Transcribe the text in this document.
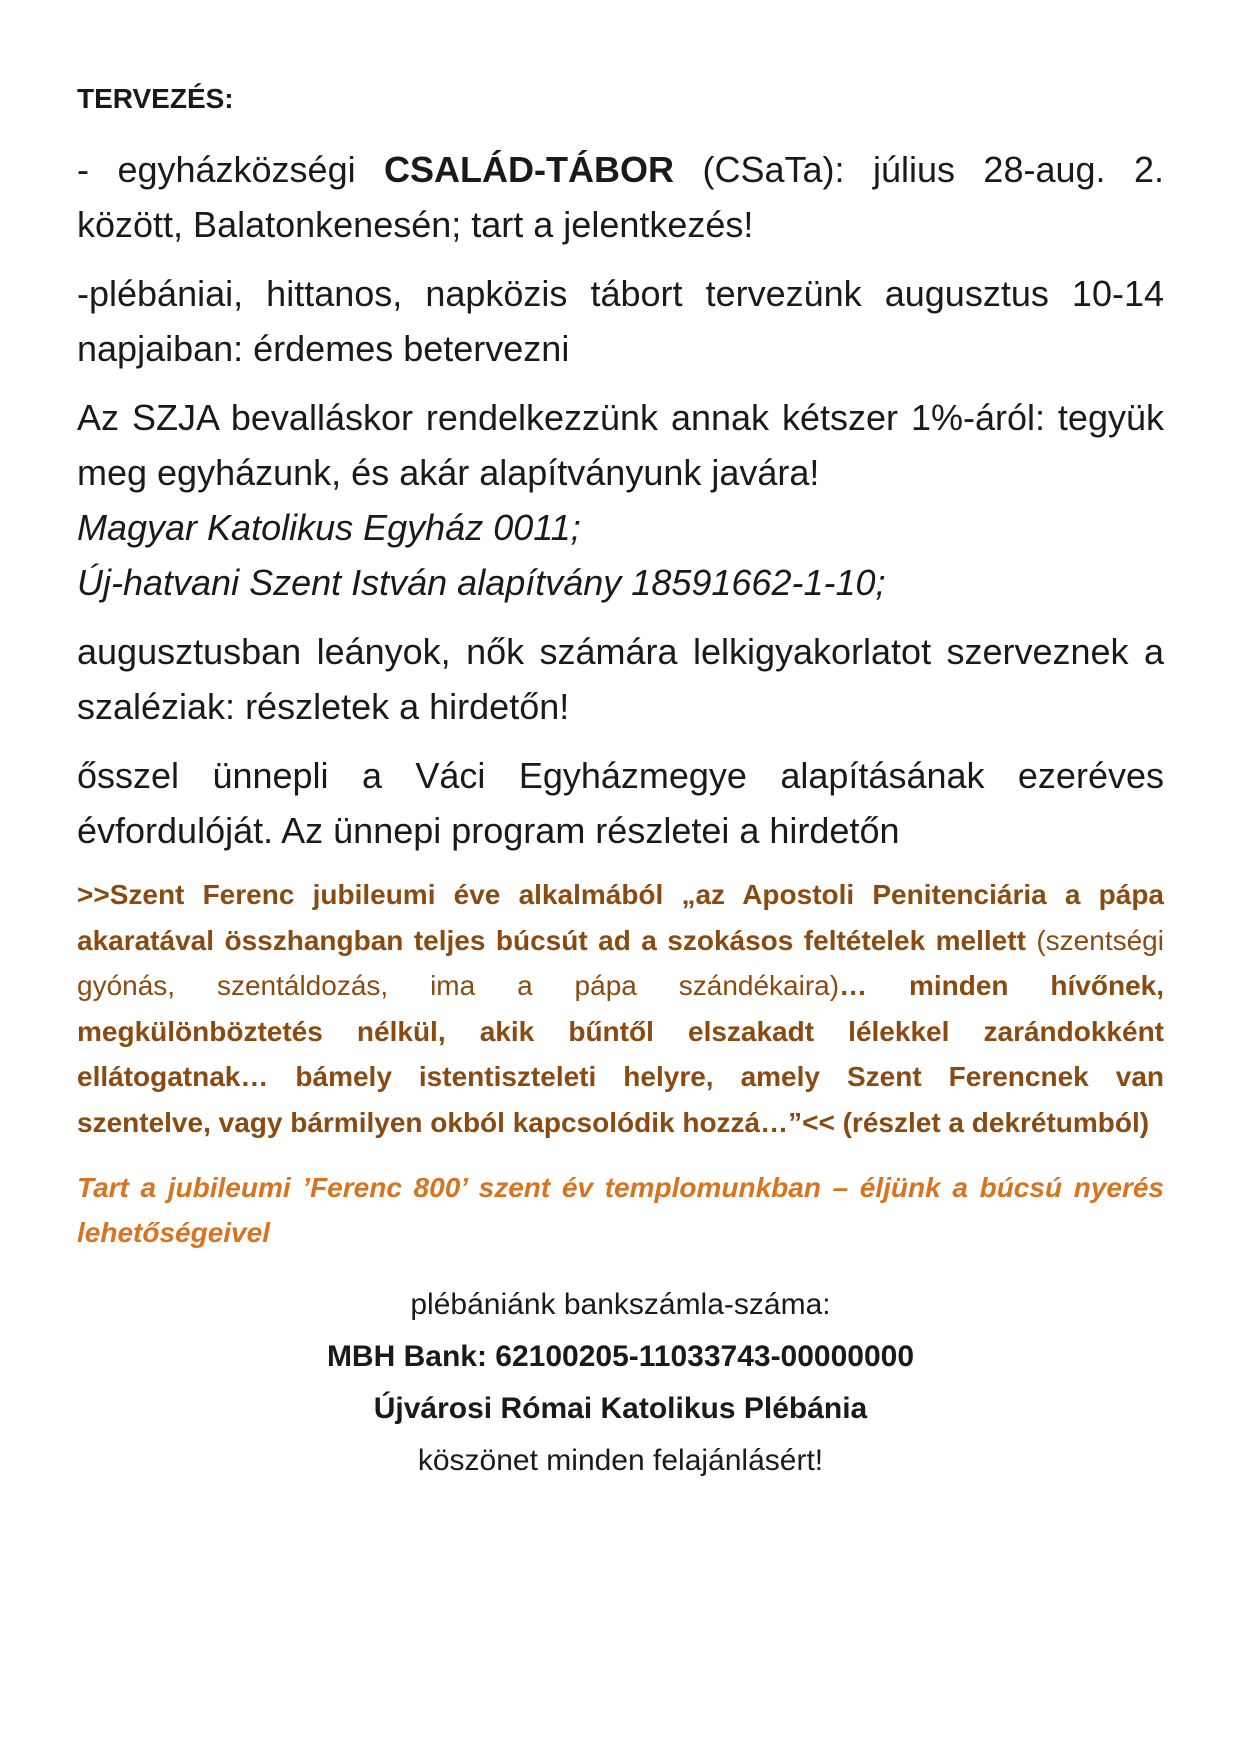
TERVEZÉS:

- egyházközségi CSALÁD-TÁBOR (CSaTa): július 28-aug. 2. között, Balatonkenesén; tart a jelentkezés!

-plébániai, hittanos, napközis tábort tervezünk augusztus 10-14 napjaiban: érdemes betervezni

Az SZJA bevalláskor rendelkezzünk annak kétszer 1%-áról: tegyük meg egyházunk, és akár alapítványunk javára!

Magyar Katolikus Egyház 0011;

Új-hatvani Szent István alapítvány 18591662-1-10;

augusztusban leányok, nők számára lelkigyakorlatot szerveznek a szaléziak: részletek a hirdetőn!

ősszel ünnepli a Váci Egyházmegye alapításának ezeréves évfordulóját. Az ünnepi program részletei a hirdetőn

>>Szent Ferenc jubileumi éve alkalmából „az Apostoli Penitenciária a pápa akaratával összhangban teljes búcsút ad a szokásos feltételek mellett (szentségi gyónás, szentáldozás, ima a pápa szándékaira)… minden hívőnek, megkülönböztetés nélkül, akik bűntől elszakadt lélekkel zarándokként ellátogatnak… bámely istentiszteleti helyre, amely Szent Ferencnek van szentelve, vagy bármilyen okból kapcsolódik hozzá…”<< (részlet a dekrétumból)

Tart a jubileumi ’Ferenc 800’ szent év templomunkban – éljünk a búcsú nyerés lehetőségeivel

plébániánk bankszámla-száma:
MBH Bank: 62100205-11033743-00000000
Újvárosi Római Katolikus Plébánia
köszönet minden felajánlásért!
